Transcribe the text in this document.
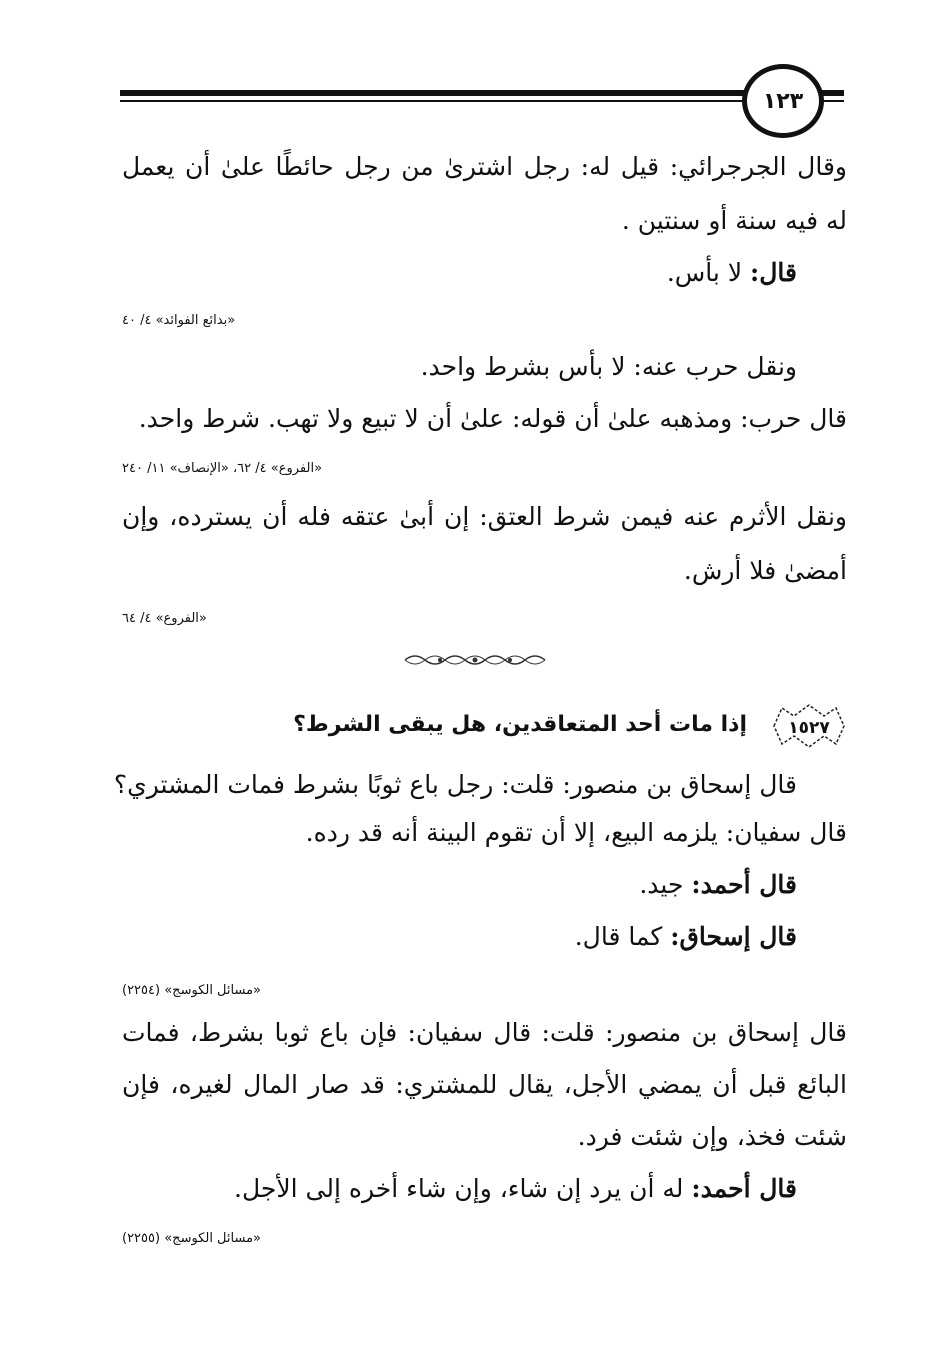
١٢٣
وقال الجرجرائي: قيل له: رجل اشترىٰ من رجل حائطًا علىٰ أن يعمل
له فيه سنة أو سنتين .
قال: لا بأس.
«بدائع الفوائد» ٤/ ٤٠
ونقل حرب عنه: لا بأس بشرط واحد.
قال حرب: ومذهبه علىٰ أن قوله: علىٰ أن لا تبيع ولا تهب. شرط واحد.
«الفروع» ٤/ ٦٢، «الإنصاف» ١١/ ٢٤٠
ونقل الأثرم عنه فيمن شرط العتق: إن أبىٰ عتقه فله أن يسترده، وإن
أمضىٰ فلا أرش.
«الفروع» ٤/ ٦٤
١٥٢٧
إذا مات أحد المتعاقدين، هل يبقى الشرط؟
قال إسحاق بن منصور: قلت: رجل باع ثوبًا بشرط فمات المشتري؟
قال سفيان: يلزمه البيع، إلا أن تقوم البينة أنه قد رده.
قال أحمد: جيد.
قال إسحاق: كما قال.
«مسائل الكوسج» (٢٢٥٤)
قال إسحاق بن منصور: قلت: قال سفيان: فإن باع ثوبا بشرط، فمات
البائع قبل أن يمضي الأجل، يقال للمشتري: قد صار المال لغيره، فإن
شئت فخذ، وإن شئت فرد.
قال أحمد: له أن يرد إن شاء، وإن شاء أخره إلى الأجل.
«مسائل الكوسج» (٢٢٥٥)
